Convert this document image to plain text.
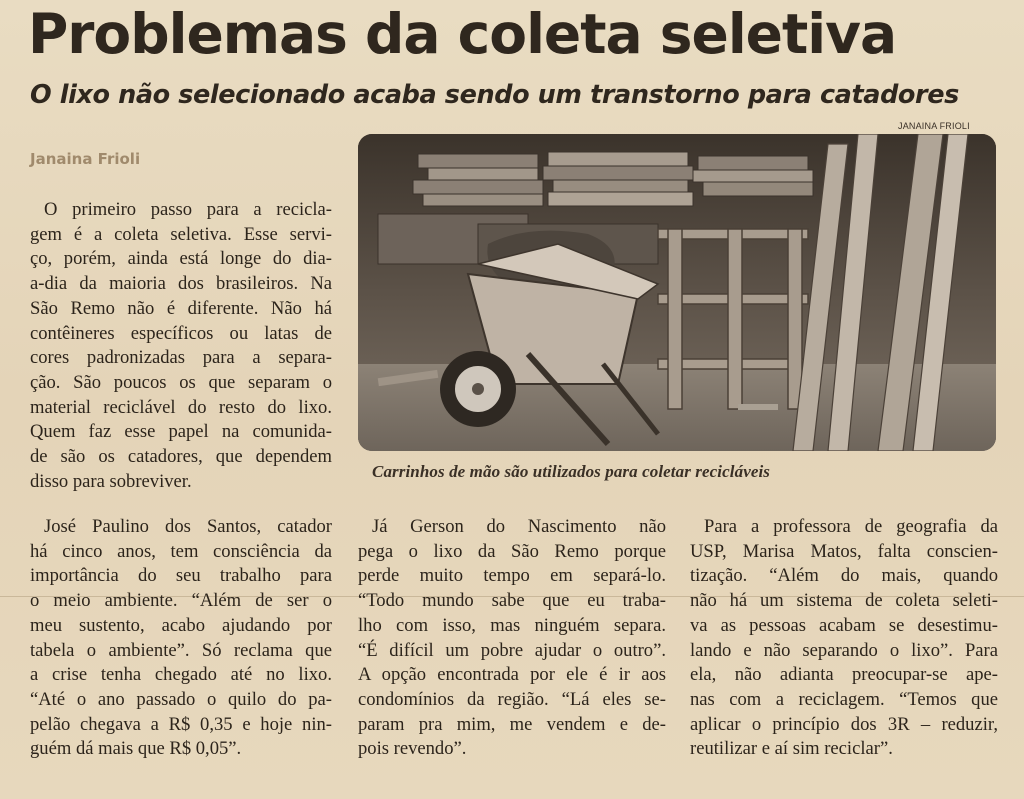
Problemas da coleta seletiva
O lixo não selecionado acaba sendo um transtorno para catadores
Janaina Frioli
JANAINA FRIOLI

Carrinhos de mão são utilizados para coletar recicláveis

O primeiro passo para a recicla-
gem é a coleta seletiva. Esse servi-
ço, porém, ainda está longe do dia-
a-dia da maioria dos brasileiros. Na
São Remo não é diferente. Não há
contêineres específicos ou latas de
cores padronizadas para a separa-
ção. São poucos os que separam o
material reciclável do resto do lixo.
Quem faz esse papel na comunida-
de são os catadores, que dependem
disso para sobreviver.
José Paulino dos Santos, catador
há cinco anos, tem consciência da
importância do seu trabalho para
o meio ambiente. “Além de ser o
meu sustento, acabo ajudando por
tabela o ambiente”. Só reclama que
a crise tenha chegado até no lixo.
“Até o ano passado o quilo do pa-
pelão chegava a R$ 0,35 e hoje nin-
guém dá mais que R$ 0,05”.
Já Gerson do Nascimento não
pega o lixo da São Remo porque
perde muito tempo em separá-lo.
“Todo mundo sabe que eu traba-
lho com isso, mas ninguém separa.
“É difícil um pobre ajudar o outro”.
A opção encontrada por ele é ir aos
condomínios da região. “Lá eles se-
param pra mim, me vendem e de-
pois revendo”.
Para a professora de geografia da
USP, Marisa Matos, falta conscien-
tização. “Além do mais, quando
não há um sistema de coleta seleti-
va as pessoas acabam se desestimu-
lando e não separando o lixo”. Para
ela, não adianta preocupar-se ape-
nas com a reciclagem. “Temos que
aplicar o princípio dos 3R – reduzir,
reutilizar e aí sim reciclar”.
